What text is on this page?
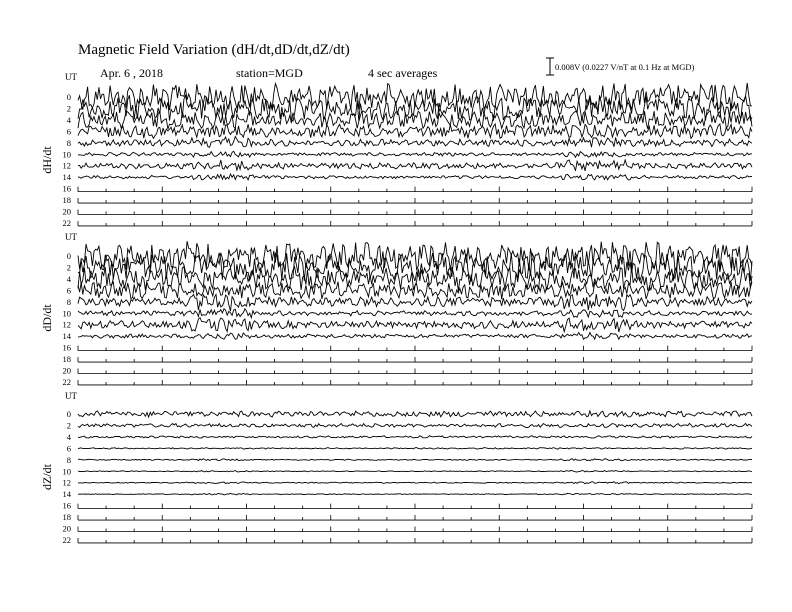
Magnetic Field Variation (dH/dt,dD/dt,dZ/dt)
Apr. 6 , 2018	station=MGD	4 sec averages	0.008V (0.0227 V/nT at 0.1 Hz at MGD)
UT
dH/dt
0
2
4
6
8
10
12
14
16
18
20
22
UT
dD/dt
0
2
4
6
8
10
12
14
16
18
20
22
UT
dZ/dt
0
2
4
6
8
10
12
14
16
18
20
22
